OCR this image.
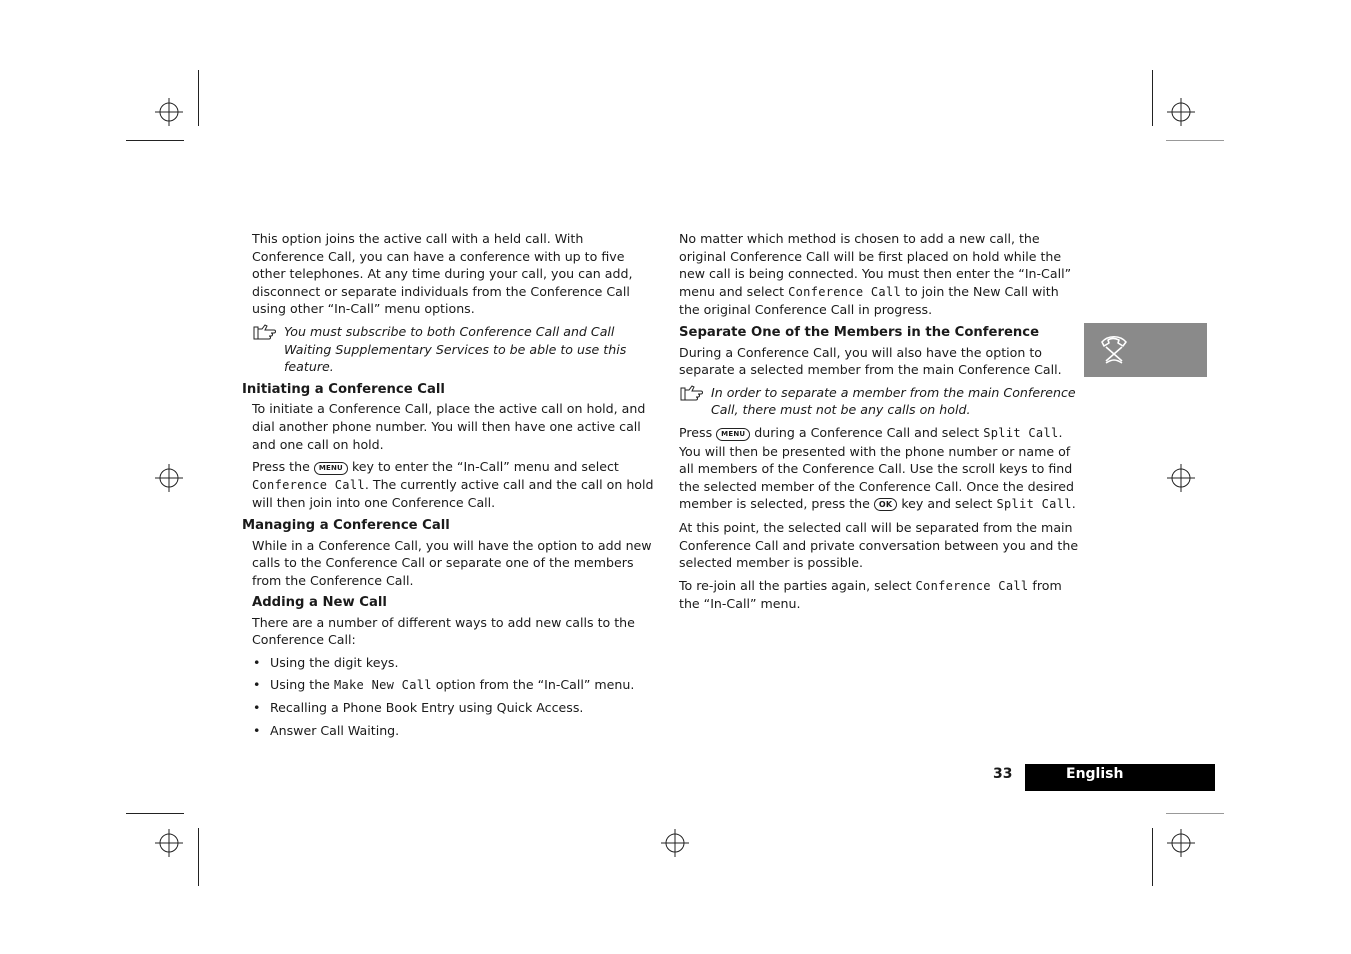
This option joins the active call with a held call. With Conference Call, you can have a conference with up to five other telephones. At any time during your call, you can add, disconnect or separate individuals from the Conference Call using other “In-Call” menu options.

You must subscribe to both Conference Call and Call Waiting Supplementary Services to be able to use this feature.
Initiating a Conference Call

To initiate a Conference Call, place the active call on hold, and dial another phone number. You will then have one active call and one call on hold.

Press the MENU key to enter the “In-Call” menu and select Conference Call. The currently active call and the call on hold will then join into one Conference Call.

Managing a Conference Call

While in a Conference Call, you will have the option to add new calls to the Conference Call or separate one of the members from the Conference Call.

Adding a New Call

There are a number of different ways to add new calls to the Conference Call:

• Using the digit keys.
• Using the Make New Call option from the “In-Call” menu.
• Recalling a Phone Book Entry using Quick Access.
• Answer Call Waiting.

No matter which method is chosen to add a new call, the original Conference Call will be first placed on hold while the new call is being connected. You must then enter the “In-Call” menu and select Conference Call to join the New Call with the original Conference Call in progress.

Separate One of the Members in the Conference

During a Conference Call, you will also have the option to separate a selected member from the main Conference Call.

In order to separate a member from the main Conference Call, there must not be any calls on hold.

Press MENU during a Conference Call and select Split Call. You will then be presented with the phone number or name of all members of the Conference Call. Use the scroll keys to find the selected member of the Conference Call. Once the desired member is selected, press the OK key and select Split Call.

At this point, the selected call will be separated from the main Conference Call and private conversation between you and the selected member is possible.

To re-join all the parties again, select Conference Call from the “In-Call” menu.

33	English
